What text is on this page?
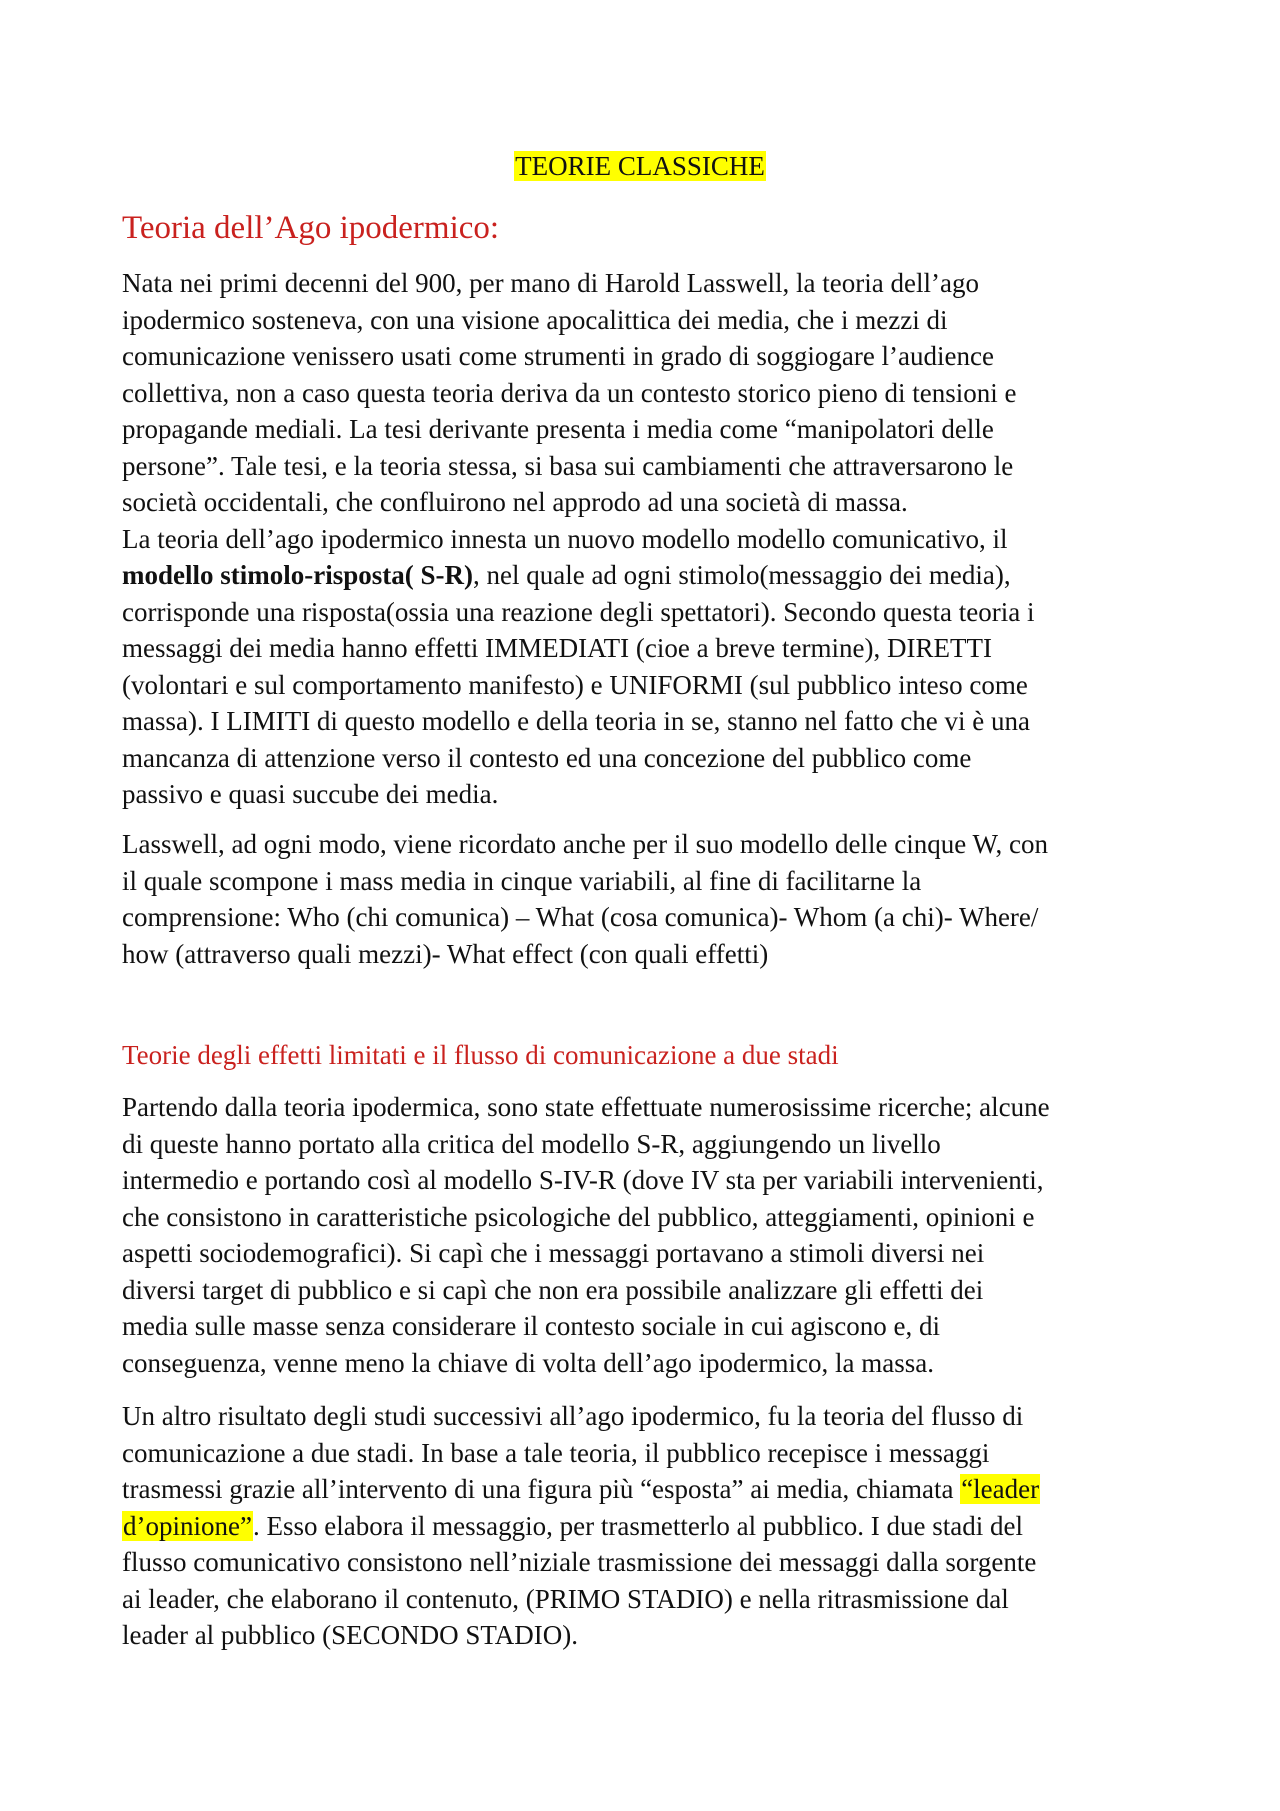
TEORIE CLASSICHE

Teoria dell’Ago ipodermico:
Nata nei primi decenni del 900, per mano di Harold Lasswell, la teoria dell’ago
ipodermico sosteneva, con una visione apocalittica dei media, che i mezzi di
comunicazione venissero usati come strumenti in grado di soggiogare l’audience
collettiva, non a caso questa teoria deriva da un contesto storico pieno di tensioni e
propagande mediali. La tesi derivante presenta i media come “manipolatori delle
persone”. Tale tesi, e la teoria stessa, si basa sui cambiamenti che attraversarono le
società occidentali, che confluirono nel approdo ad una società di massa.
La teoria dell’ago ipodermico innesta un nuovo modello modello comunicativo, il
modello stimolo-risposta( S-R), nel quale ad ogni stimolo(messaggio dei media),
corrisponde una risposta(ossia una reazione degli spettatori). Secondo questa teoria i
messaggi dei media hanno effetti IMMEDIATI (cioe a breve termine), DIRETTI
(volontari e sul comportamento manifesto) e UNIFORMI (sul pubblico inteso come
massa). I LIMITI di questo modello e della teoria in se, stanno nel fatto che vi è una
mancanza di attenzione verso il contesto ed una concezione del pubblico come
passivo e quasi succube dei media.
Lasswell, ad ogni modo, viene ricordato anche per il suo modello delle cinque W, con
il quale scompone i mass media in cinque variabili, al fine di facilitarne la
comprensione: Who (chi comunica) – What (cosa comunica)- Whom (a chi)- Where/
how (attraverso quali mezzi)- What effect (con quali effetti)
Teorie degli effetti limitati e il flusso di comunicazione a due stadi
Partendo dalla teoria ipodermica, sono state effettuate numerosissime ricerche; alcune
di queste hanno portato alla critica del modello S-R, aggiungendo un livello
intermedio e portando così al modello S-IV-R (dove IV sta per variabili intervenienti,
che consistono in caratteristiche psicologiche del pubblico, atteggiamenti, opinioni e
aspetti sociodemografici). Si capì che i messaggi portavano a stimoli diversi nei
diversi target di pubblico e si capì che non era possibile analizzare gli effetti dei
media sulle masse senza considerare il contesto sociale in cui agiscono e, di
conseguenza, venne meno la chiave di volta dell’ago ipodermico, la massa.
Un altro risultato degli studi successivi all’ago ipodermico, fu la teoria del flusso di
comunicazione a due stadi. In base a tale teoria, il pubblico recepisce i messaggi
trasmessi grazie all’intervento di una figura più “esposta” ai media, chiamata “leader
d’opinione”. Esso elabora il messaggio, per trasmetterlo al pubblico. I due stadi del
flusso comunicativo consistono nell’niziale trasmissione dei messaggi dalla sorgente
ai leader, che elaborano il contenuto, (PRIMO STADIO) e nella ritrasmissione dal
leader al pubblico (SECONDO STADIO).
